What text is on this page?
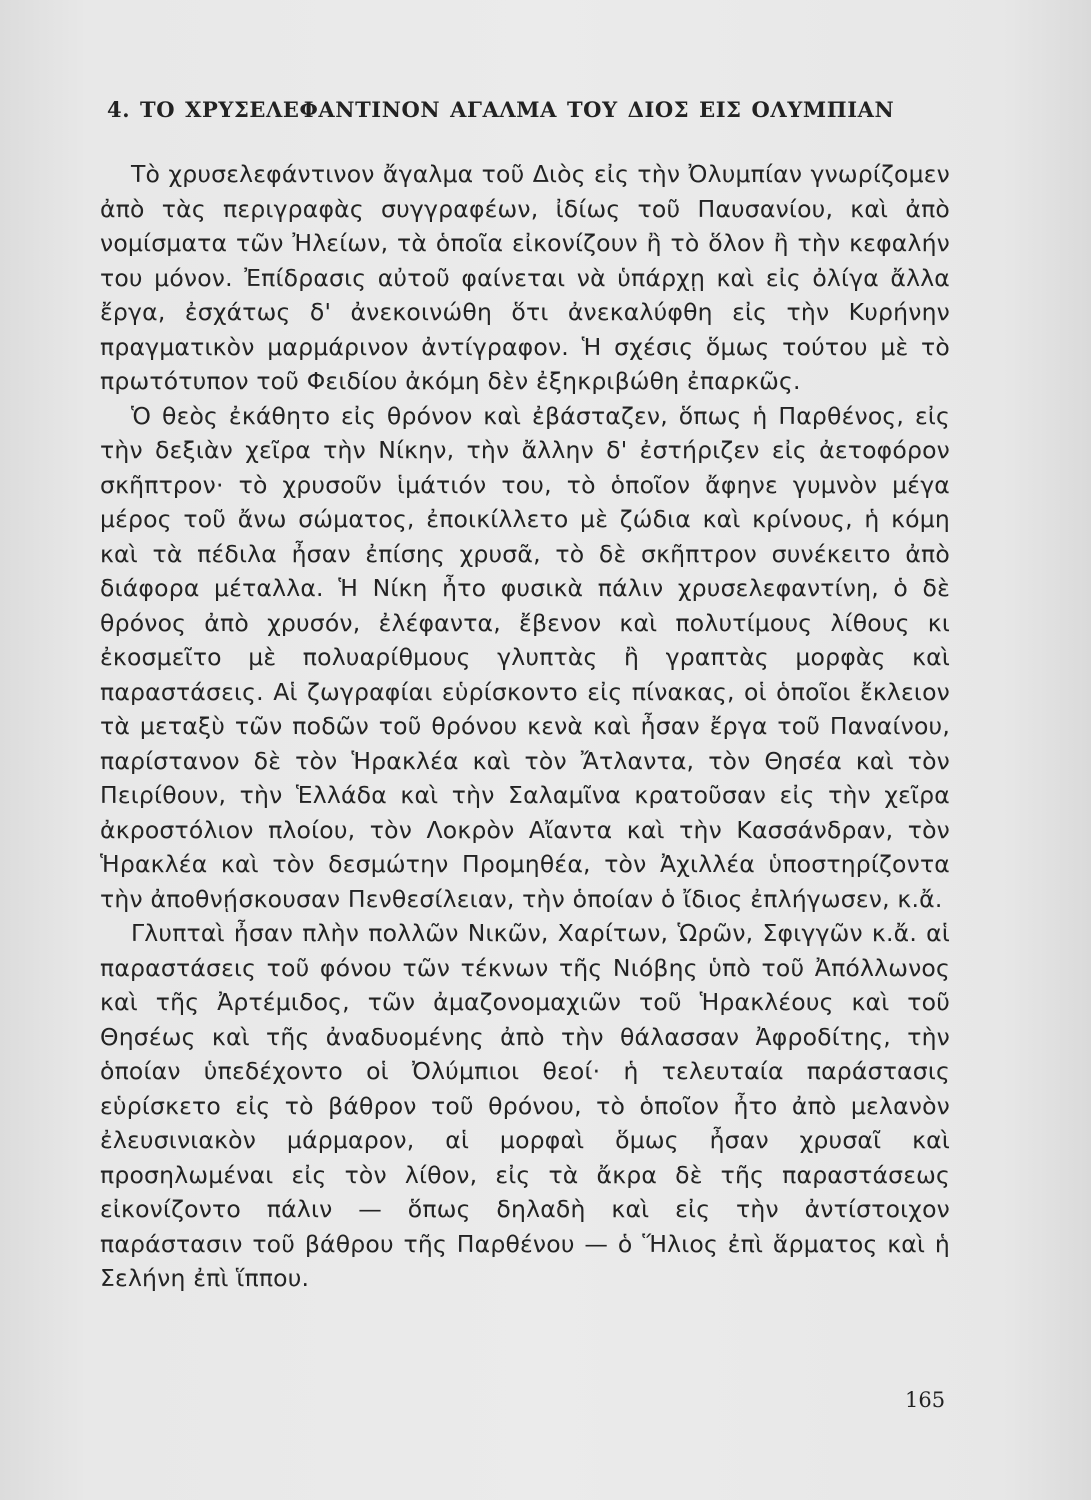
4. ΤΟ ΧΡΥΣΕΛΕΦΑΝΤΙΝΟΝ ΑΓΑΛΜΑ ΤΟΥ ΔΙΟΣ ΕΙΣ ΟΛΥΜΠΙΑΝ

Τὸ χρυσελεφάντινον ἄγαλμα τοῦ Διὸς εἰς τὴν Ὀλυμπίαν γνωρίζομεν ἀπὸ τὰς περιγραφὰς συγγραφέων, ἰδίως τοῦ Παυσανίου, καὶ ἀπὸ νομίσματα τῶν Ἠλείων, τὰ ὁποῖα εἰκονίζουν ἢ τὸ ὅλον ἢ τὴν κεφαλήν του μόνον. Ἐπίδρασις αὐτοῦ φαίνεται νὰ ὑπάρχῃ καὶ εἰς ὀλίγα ἄλλα ἔργα, ἐσχάτως δ' ἀνεκοινώθη ὅτι ἀνεκαλύφθη εἰς τὴν Κυρήνην πραγματικὸν μαρμάρινον ἀντίγραφον. Ἡ σχέσις ὅμως τούτου μὲ τὸ πρωτότυπον τοῦ Φειδίου ἀκόμη δὲν ἐξηκριβώθη ἐπαρκῶς.

Ὁ θεὸς ἐκάθητο εἰς θρόνον καὶ ἐβάσταζεν, ὅπως ἡ Παρθένος, εἰς τὴν δεξιὰν χεῖρα τὴν Νίκην, τὴν ἄλλην δ' ἐστήριζεν εἰς ἀετοφόρον σκῆπτρον· τὸ χρυσοῦν ἱμάτιόν του, τὸ ὁποῖον ἄφηνε γυμνὸν μέγα μέρος τοῦ ἄνω σώματος, ἐποικίλλετο μὲ ζώδια καὶ κρίνους, ἡ κόμη καὶ τὰ πέδιλα ἦσαν ἐπίσης χρυσᾶ, τὸ δὲ σκῆπτρον συνέκειτο ἀπὸ διάφορα μέταλλα. Ἡ Νίκη ἦτο φυσικὰ πάλιν χρυσελεφαντίνη, ὁ δὲ θρόνος ἀπὸ χρυσόν, ἐλέφαντα, ἔβενον καὶ πολυτίμους λίθους κι ἐκοσμεῖτο μὲ πολυαρίθμους γλυπτὰς ἢ γραπτὰς μορφὰς καὶ παραστάσεις. Αἱ ζωγραφίαι εὑρίσκοντο εἰς πίνακας, οἱ ὁποῖοι ἔκλειον τὰ μεταξὺ τῶν ποδῶν τοῦ θρόνου κενὰ καὶ ἦσαν ἔργα τοῦ Παναίνου, παρίστανον δὲ τὸν Ἡρακλέα καὶ τὸν Ἄτλαντα, τὸν Θησέα καὶ τὸν Πειρίθουν, τὴν Ἑλλάδα καὶ τὴν Σαλαμῖνα κρατοῦσαν εἰς τὴν χεῖρα ἀκροστόλιον πλοίου, τὸν Λοκρὸν Αἴαντα καὶ τὴν Κασσάνδραν, τὸν Ἡρακλέα καὶ τὸν δεσμώτην Προμηθέα, τὸν Ἀχιλλέα ὑποστηρίζοντα τὴν ἀποθνῄσκουσαν Πενθεσίλειαν, τὴν ὁποίαν ὁ ἴδιος ἐπλήγωσεν, κ.ἄ.

Γλυπταὶ ἦσαν πλὴν πολλῶν Νικῶν, Χαρίτων, Ὡρῶν, Σφιγγῶν κ.ἄ. αἱ παραστάσεις τοῦ φόνου τῶν τέκνων τῆς Νιόβης ὑπὸ τοῦ Ἀπόλλωνος καὶ τῆς Ἀρτέμιδος, τῶν ἀμαζονομαχιῶν τοῦ Ἡρακλέους καὶ τοῦ Θησέως καὶ τῆς ἀναδυομένης ἀπὸ τὴν θάλασσαν Ἀφροδίτης, τὴν ὁποίαν ὑπεδέχοντο οἱ Ὀλύμπιοι θεοί· ἡ τελευταία παράστασις εὑρίσκετο εἰς τὸ βάθρον τοῦ θρόνου, τὸ ὁποῖον ἦτο ἀπὸ μελανὸν ἐλευσινιακὸν μάρμαρον, αἱ μορφαὶ ὅμως ἦσαν χρυσαῖ καὶ προσηλωμέναι εἰς τὸν λίθον, εἰς τὰ ἄκρα δὲ τῆς παραστάσεως εἰκονίζοντο πάλιν — ὅπως δηλαδὴ καὶ εἰς τὴν ἀντίστοιχον παράστασιν τοῦ βάθρου τῆς Παρθένου — ὁ Ἥλιος ἐπὶ ἅρματος καὶ ἡ Σελήνη ἐπὶ ἵππου.

165
